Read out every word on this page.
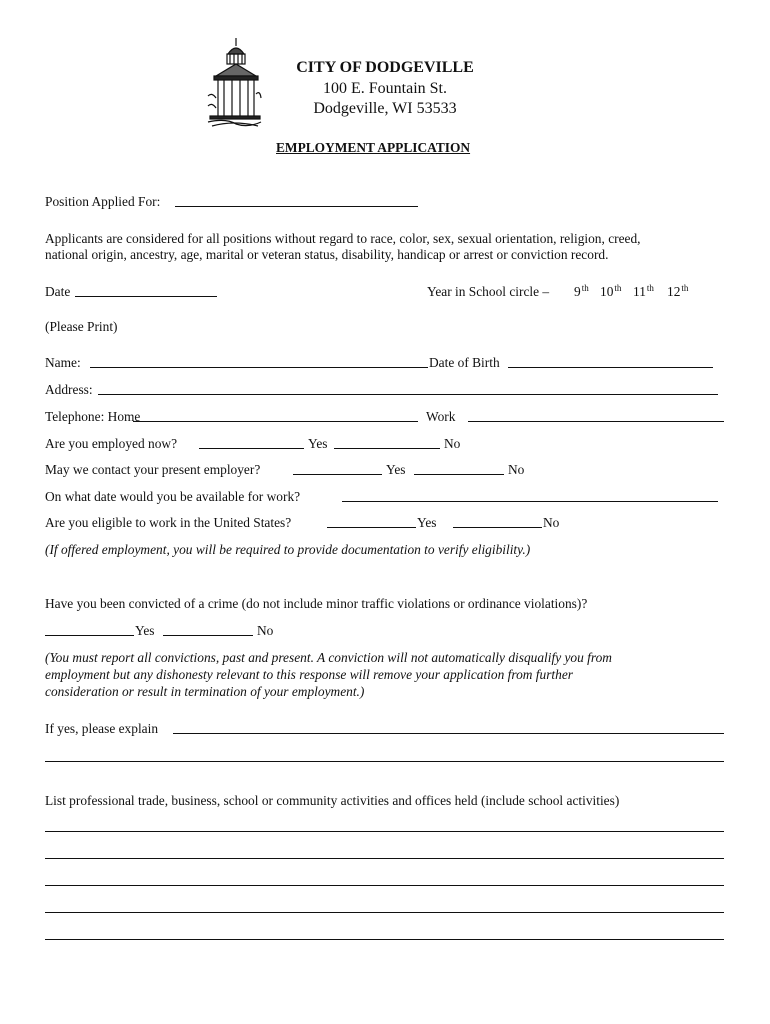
CITY OF DODGEVILLE
100 E. Fountain St.
Dodgeville, WI 53533
EMPLOYMENT APPLICATION
Position Applied For:
Applicants are considered for all positions without regard to race, color, sex, sexual orientation, religion, creed,
national origin, ancestry, age, marital or veteran status, disability, handicap or arrest or conviction record.
Date	Year in School circle – 9th 10th 11th 12th
(Please Print)
Name:	Date of Birth
Address:
Telephone: Home	Work
Are you employed now?	Yes	No
May we contact your present employer?	Yes	No
On what date would you be available for work?
Are you eligible to work in the United States?	Yes	No
(If offered employment, you will be required to provide documentation to verify eligibility.)
Have you been convicted of a crime (do not include minor traffic violations or ordinance violations)?
Yes	No
(You must report all convictions, past and present. A conviction will not automatically disqualify you from
employment but any dishonesty relevant to this response will remove your application from further
consideration or result in termination of your employment.)
If yes, please explain
List professional trade, business, school or community activities and offices held (include school activities)
